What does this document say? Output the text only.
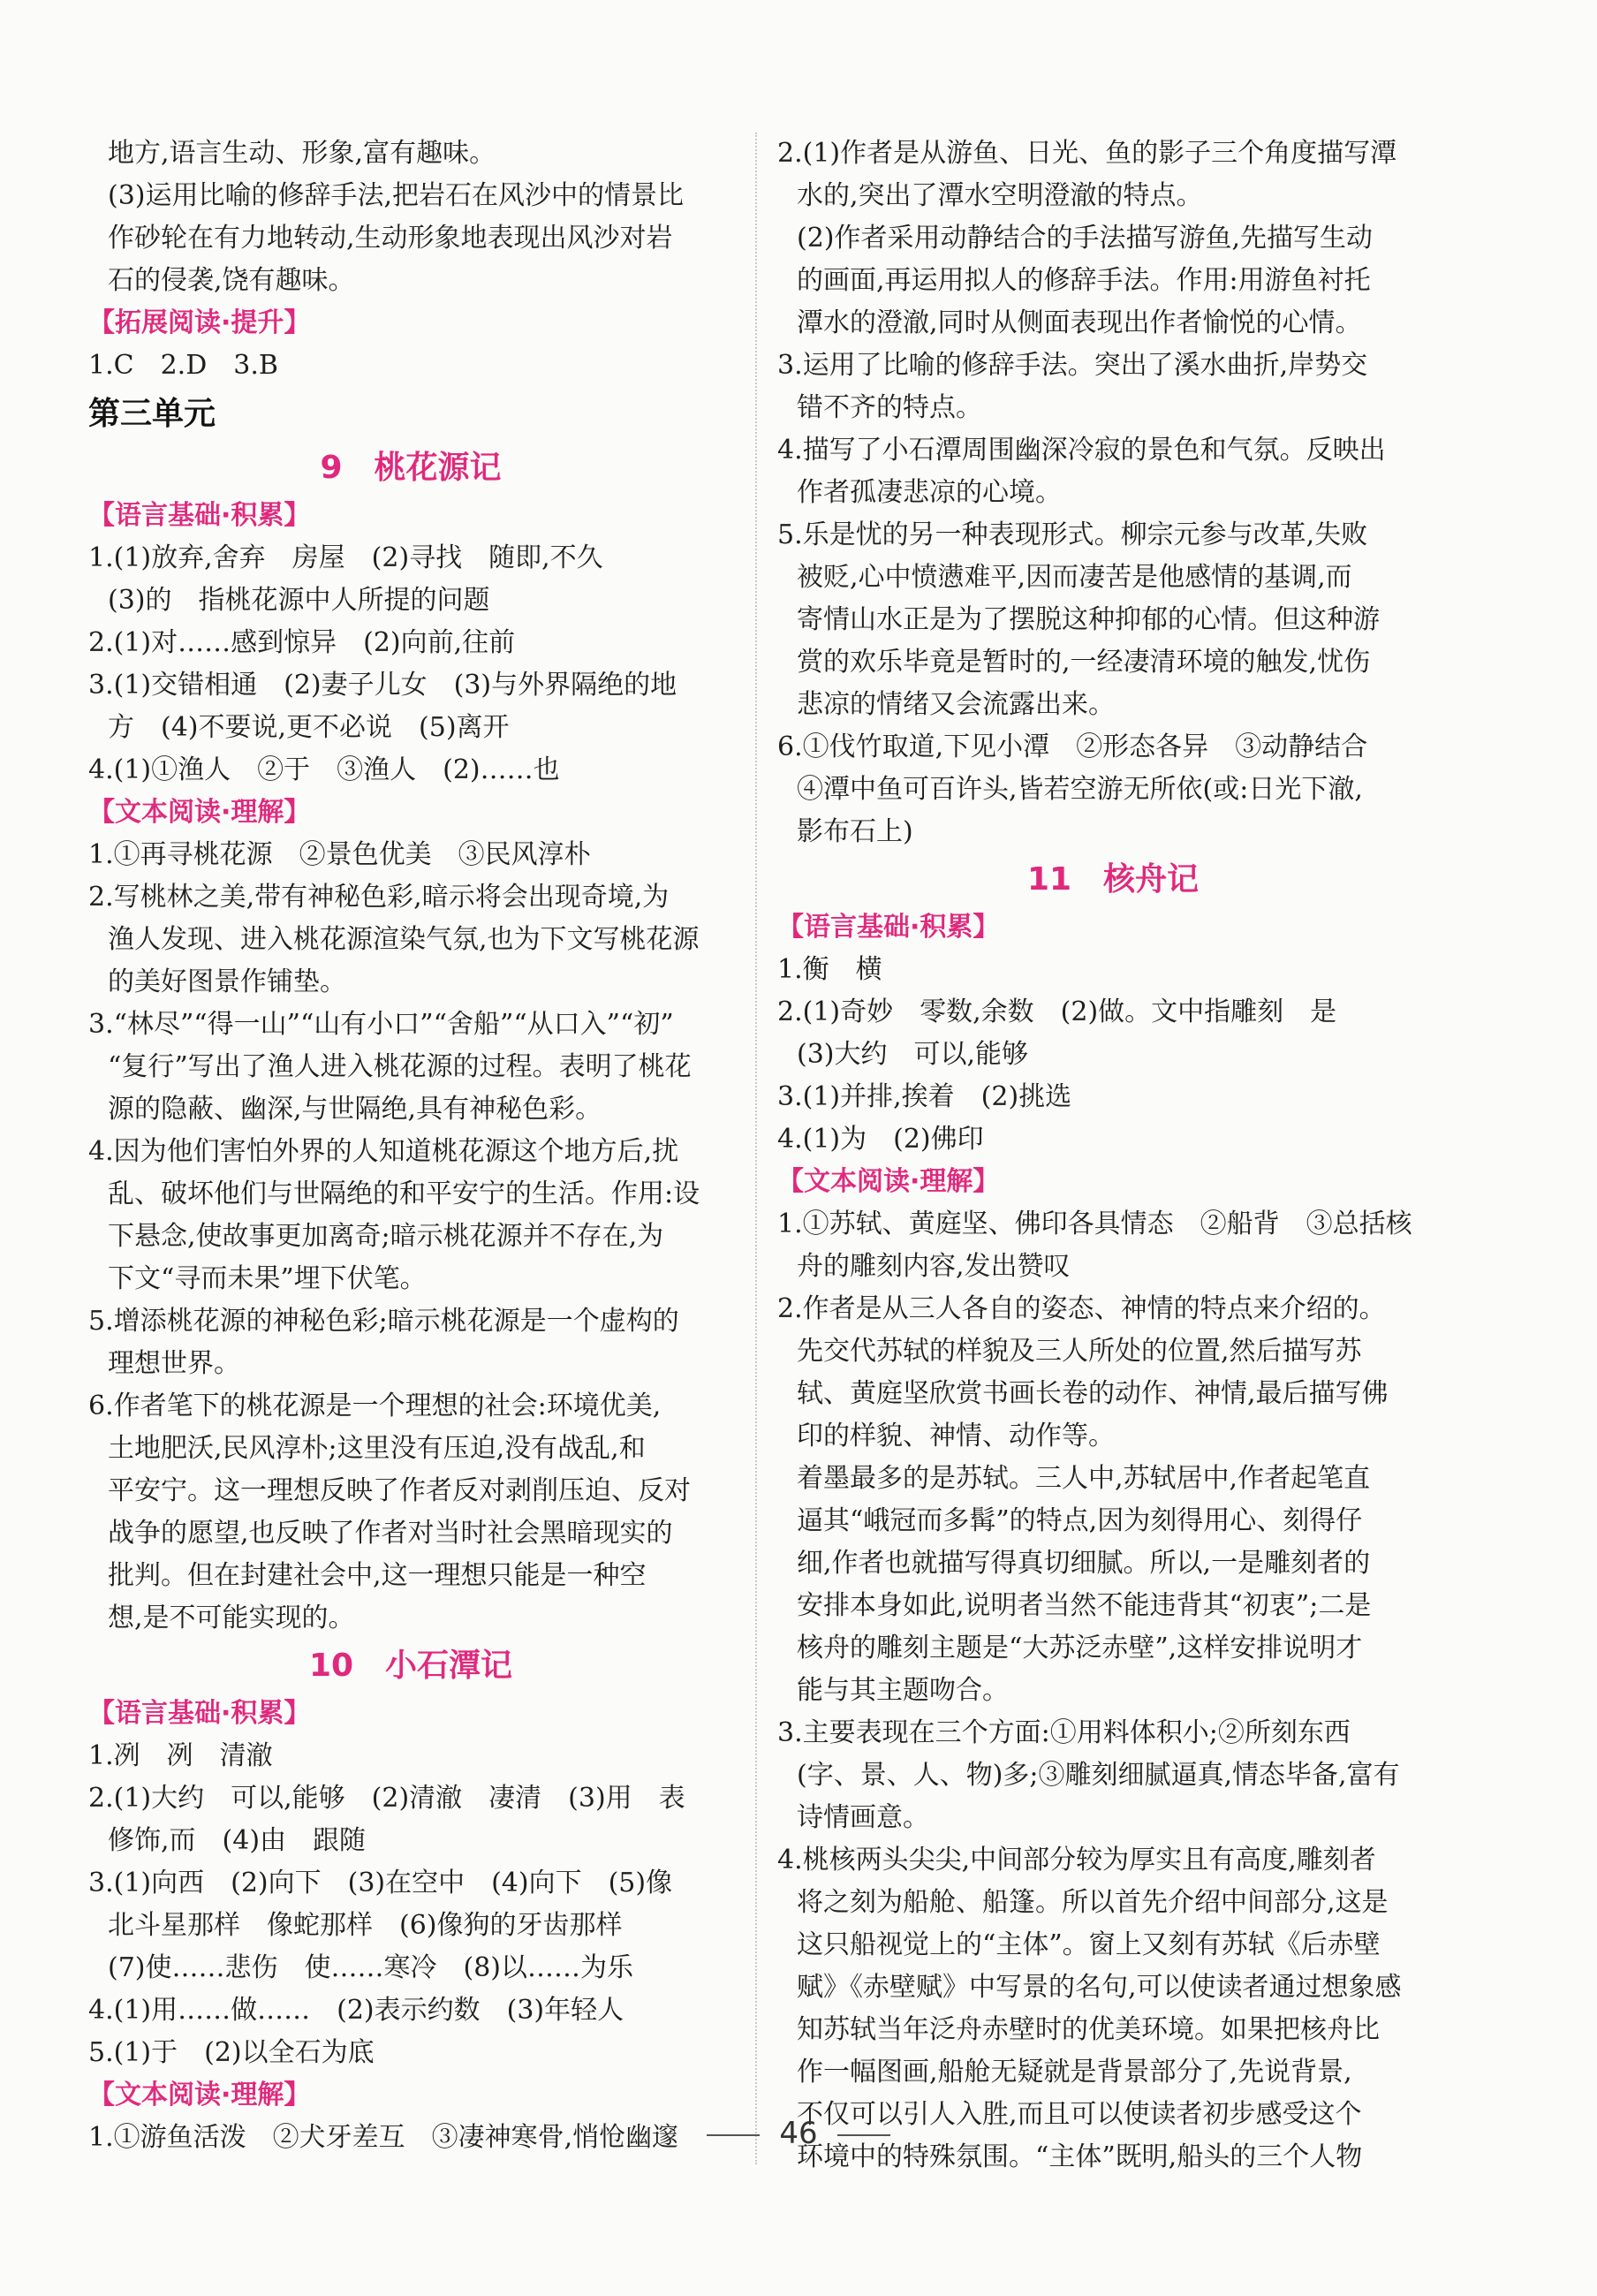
地方,语言生动、形象,富有趣味。
(3)运用比喻的修辞手法,把岩石在风沙中的情景比
作砂轮在有力地转动,生动形象地表现出风沙对岩
石的侵袭,饶有趣味。
【拓展阅读·提升】
1.C　2.D　3.B
第三单元
9　桃花源记
【语言基础·积累】
1.(1)放弃,舍弃　房屋　(2)寻找　随即,不久
(3)的　指桃花源中人所提的问题
2.(1)对……感到惊异　(2)向前,往前
3.(1)交错相通　(2)妻子儿女　(3)与外界隔绝的地
方　(4)不要说,更不必说　(5)离开
4.(1)①渔人　②于　③渔人　(2)……也
【文本阅读·理解】
1.①再寻桃花源　②景色优美　③民风淳朴
2.写桃林之美,带有神秘色彩,暗示将会出现奇境,为
渔人发现、进入桃花源渲染气氛,也为下文写桃花源
的美好图景作铺垫。
3.“林尽”“得一山”“山有小口”“舍船”“从口入”“初”
“复行”写出了渔人进入桃花源的过程。表明了桃花
源的隐蔽、幽深,与世隔绝,具有神秘色彩。
4.因为他们害怕外界的人知道桃花源这个地方后,扰
乱、破坏他们与世隔绝的和平安宁的生活。作用:设
下悬念,使故事更加离奇;暗示桃花源并不存在,为
下文“寻而未果”埋下伏笔。
5.增添桃花源的神秘色彩;暗示桃花源是一个虚构的
理想世界。
6.作者笔下的桃花源是一个理想的社会:环境优美,
土地肥沃,民风淳朴;这里没有压迫,没有战乱,和
平安宁。这一理想反映了作者反对剥削压迫、反对
战争的愿望,也反映了作者对当时社会黑暗现实的
批判。但在封建社会中,这一理想只能是一种空
想,是不可能实现的。
10　小石潭记
【语言基础·积累】
1.冽　冽　清澈
2.(1)大约　可以,能够　(2)清澈　凄清　(3)用　表
修饰,而　(4)由　跟随
3.(1)向西　(2)向下　(3)在空中　(4)向下　(5)像
北斗星那样　像蛇那样　(6)像狗的牙齿那样
(7)使……悲伤　使……寒冷　(8)以……为乐
4.(1)用……做……　(2)表示约数　(3)年轻人
5.(1)于　(2)以全石为底
【文本阅读·理解】
1.①游鱼活泼　②犬牙差互　③凄神寒骨,悄怆幽邃
2.(1)作者是从游鱼、日光、鱼的影子三个角度描写潭
水的,突出了潭水空明澄澈的特点。
(2)作者采用动静结合的手法描写游鱼,先描写生动
的画面,再运用拟人的修辞手法。作用:用游鱼衬托
潭水的澄澈,同时从侧面表现出作者愉悦的心情。
3.运用了比喻的修辞手法。突出了溪水曲折,岸势交
错不齐的特点。
4.描写了小石潭周围幽深冷寂的景色和气氛。反映出
作者孤凄悲凉的心境。
5.乐是忧的另一种表现形式。柳宗元参与改革,失败
被贬,心中愤懑难平,因而凄苦是他感情的基调,而
寄情山水正是为了摆脱这种抑郁的心情。但这种游
赏的欢乐毕竟是暂时的,一经凄清环境的触发,忧伤
悲凉的情绪又会流露出来。
6.①伐竹取道,下见小潭　②形态各异　③动静结合
④潭中鱼可百许头,皆若空游无所依(或:日光下澈,
影布石上)
11　核舟记
【语言基础·积累】
1.衡　横
2.(1)奇妙　零数,余数　(2)做。文中指雕刻　是
(3)大约　可以,能够
3.(1)并排,挨着　(2)挑选
4.(1)为　(2)佛印
【文本阅读·理解】
1.①苏轼、黄庭坚、佛印各具情态　②船背　③总括核
舟的雕刻内容,发出赞叹
2.作者是从三人各自的姿态、神情的特点来介绍的。
先交代苏轼的样貌及三人所处的位置,然后描写苏
轼、黄庭坚欣赏书画长卷的动作、神情,最后描写佛
印的样貌、神情、动作等。
着墨最多的是苏轼。三人中,苏轼居中,作者起笔直
逼其“峨冠而多髯”的特点,因为刻得用心、刻得仔
细,作者也就描写得真切细腻。所以,一是雕刻者的
安排本身如此,说明者当然不能违背其“初衷”;二是
核舟的雕刻主题是“大苏泛赤壁”,这样安排说明才
能与其主题吻合。
3.主要表现在三个方面:①用料体积小;②所刻东西
(字、景、人、物)多;③雕刻细腻逼真,情态毕备,富有
诗情画意。
4.桃核两头尖尖,中间部分较为厚实且有高度,雕刻者
将之刻为船舱、船篷。所以首先介绍中间部分,这是
这只船视觉上的“主体”。窗上又刻有苏轼《后赤壁
赋》《赤壁赋》中写景的名句,可以使读者通过想象感
知苏轼当年泛舟赤壁时的优美环境。如果把核舟比
作一幅图画,船舱无疑就是背景部分了,先说背景,
不仅可以引人入胜,而且可以使读者初步感受这个
环境中的特殊氛围。“主体”既明,船头的三个人物
46
